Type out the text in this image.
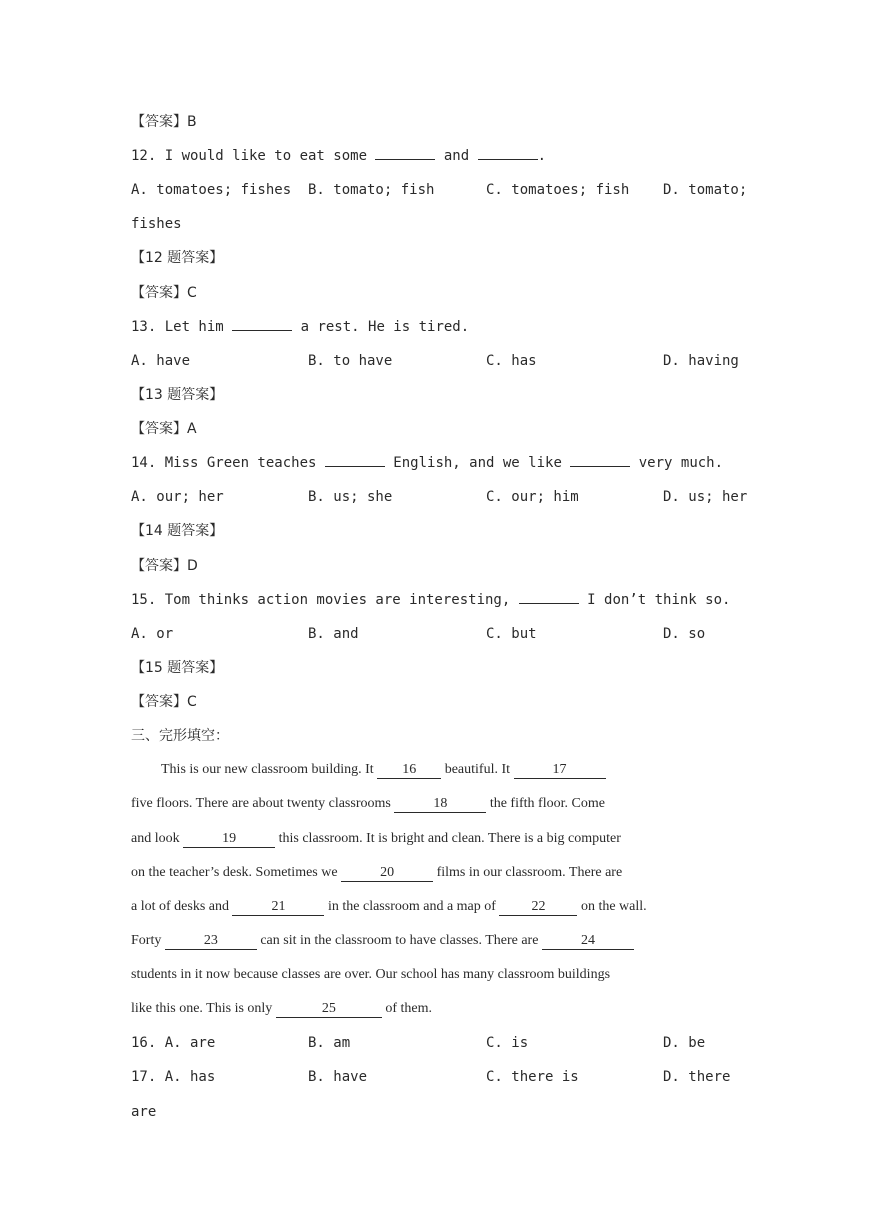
【答案】B
12. I would like to eat some	and	.
A. tomatoes; fishes B. tomato; fish	C. tomatoes; fish D. tomato;
fishes
【12 题答案】
【答案】C
13. Let him	a rest. He is tired.
A. have	B. to have	C. has	D. having
【13 题答案】
【答案】A
14. Miss Green teaches	English, and we like	very much.
A. our; her	B. us; she	C. our; him	D. us; her
【14 题答案】
【答案】D
15. Tom thinks action movies are interesting,	I don’t think so.
A. or	B. and	C. but	D. so
【15 题答案】
【答案】C
三、完形填空：
This is our new classroom building. It 16 beautiful. It	17
five floors. There are about twenty classrooms	18	the fifth floor. Come
and look	19	this classroom. It is bright and clean. There is a big computer
on the teacher’s desk. Sometimes we	20	films in our classroom. There are
a lot of desks and	21	in the classroom and a map of 22 on the wall.
Forty	23	can sit in the classroom to have classes. There are	24
students in it now because classes are over. Our school has many classroom buildings
like this one. This is only	25	of them.
16. A. are	B. am	C. is	D. be
17. A. has	B. have	C. there is	D. there
are
